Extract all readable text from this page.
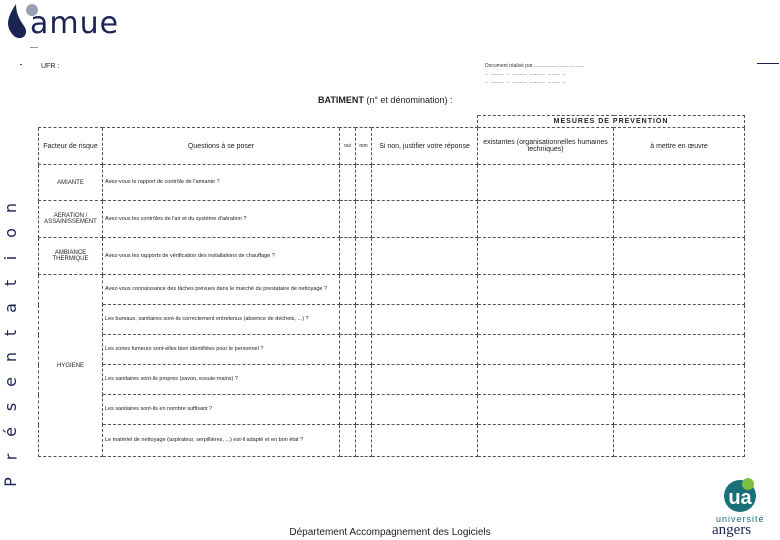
amue
UFR :	Document réalisé par .................. ...... ..........
..  ..........  ..  ..........  ...........  .........  ..
..  ..........  ..  ..........  ...........  .........  ..
BATIMENT (n° et dénomination) :
P
r
é
s
e
n
t
a
t
i
o
n
					MESURES DE PREVENTION	
Facteur de risque	Questions à se poser	oui	non	Si non, justifier votre réponse	existantes (organisationnelles humaines techniques)	à mettre en œuvre
AMIANTE	Avez-vous le rapport de contrôle de l'amiante ?					
AERATION / ASSAINISSEMENT	Avez-vous les contrôles de l'air et du système d'aération ?					
AMBIANCE THERMIQUE	Avez-vous les rapports de vérification des installations de chauffage ?					
HYGIENE	Avez-vous connaissance des tâches prévues dans le marché du prestataire de nettoyage ?					
	Les bureaux, sanitaires sont-ils correctement entretenus (absence de déchets, ...) ?					
	Les zones fumeurs sont-elles bien identifiées pour le personnel ?					
	Les sanitaires sont-ils propres (savon, essuie-mains) ?					
	Les sanitaires sont-ils en nombre suffisant ?					
	Le matériel de nettoyage (aspirateur, serpillières, ...) est-il adapté et en bon état ?					
ua
université
angers
Département Accompagnement des Logiciels
